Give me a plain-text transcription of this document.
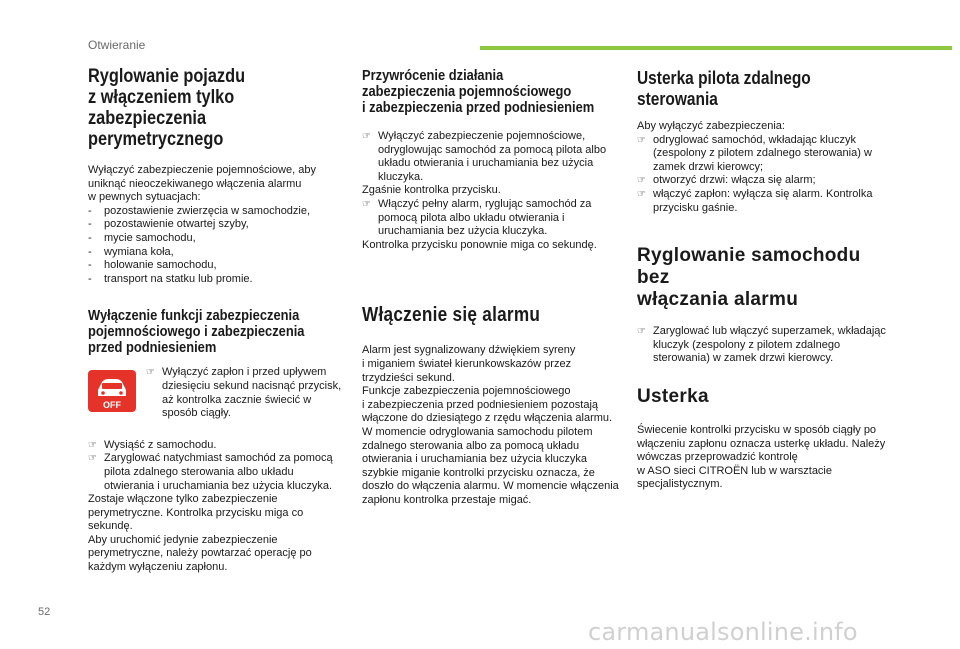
Otwieranie
Ryglowanie pojazdu
z włączeniem tylko
zabezpieczenia perymetrycznego

Wyłączyć zabezpieczenie pojemnościowe, aby uniknąć nieoczekiwanego włączenia alarmu
w pewnych sytuacjach:

- pozostawienie zwierzęcia w samochodzie,
- pozostawienie otwartej szyby,
- mycie samochodu,
- wymiana koła,
- holowanie samochodu,
- transport na statku lub promie.
Wyłączenie funkcji zabezpieczenia
pojemnościowego i zabezpieczenia
przed podniesieniem
OFF
☞ Wyłączyć zapłon i przed upływem dziesięciu sekund nacisnąć przycisk, aż kontrolka zacznie świecić w sposób ciągły.
☞ Wysiąść z samochodu.
☞ Zaryglować natychmiast samochód za pomocą pilota zdalnego sterowania albo układu otwierania i uruchamiania bez użycia kluczyka.

Zostaje włączone tylko zabezpieczenie perymetryczne. Kontrolka przycisku miga co sekundę.
Aby uruchomić jedynie zabezpieczenie perymetryczne, należy powtarzać operację po każdym wyłączeniu zapłonu.

Przywrócenie działania
zabezpieczenia pojemnościowego
i zabezpieczenia przed podniesieniem
☞ Wyłączyć zabezpieczenie pojemnościowe, odryglowując samochód za pomocą pilota albo układu otwierania i uruchamiania bez użycia kluczyka.

Zgaśnie kontrolka przycisku.

☞ Włączyć pełny alarm, ryglując samochód za pomocą pilota albo układu otwierania i uruchamiania bez użycia kluczyka.

Kontrolka przycisku ponownie miga co sekundę.

Włączenie się alarmu

Alarm jest sygnalizowany dźwiękiem syreny
i miganiem świateł kierunkowskazów przez trzydzieści sekund.
Funkcje zabezpieczenia pojemnościowego
i zabezpieczenia przed podniesieniem pozostają włączone do dziesiątego z rzędu włączenia alarmu.
W momencie odryglowania samochodu pilotem zdalnego sterowania albo za pomocą układu otwierania i uruchamiania bez użycia kluczyka szybkie miganie kontrolki przycisku oznacza, że doszło do włączenia alarmu. W momencie włączenia zapłonu kontrolka przestaje migać.

Usterka pilota zdalnego sterowania

Aby wyłączyć zabezpieczenia:

☞ odryglować samochód, wkładając kluczyk (zespolony z pilotem zdalnego sterowania) w zamek drzwi kierowcy;
☞ otworzyć drzwi: włącza się alarm;
☞ włączyć zapłon: wyłącza się alarm. Kontrolka przycisku gaśnie.
Ryglowanie samochodu bez
włączania alarmu
☞ Zaryglować lub włączyć superzamek, wkładając kluczyk (zespolony z pilotem zdalnego sterowania) w zamek drzwi kierowcy.
Usterka

Świecenie kontrolki przycisku w sposób ciągły po włączeniu zapłonu oznacza usterkę układu. Należy wówczas przeprowadzić kontrolę
w ASO sieci CITROËN lub w warsztacie specjalistycznym.

52
carmanualsonline.info
